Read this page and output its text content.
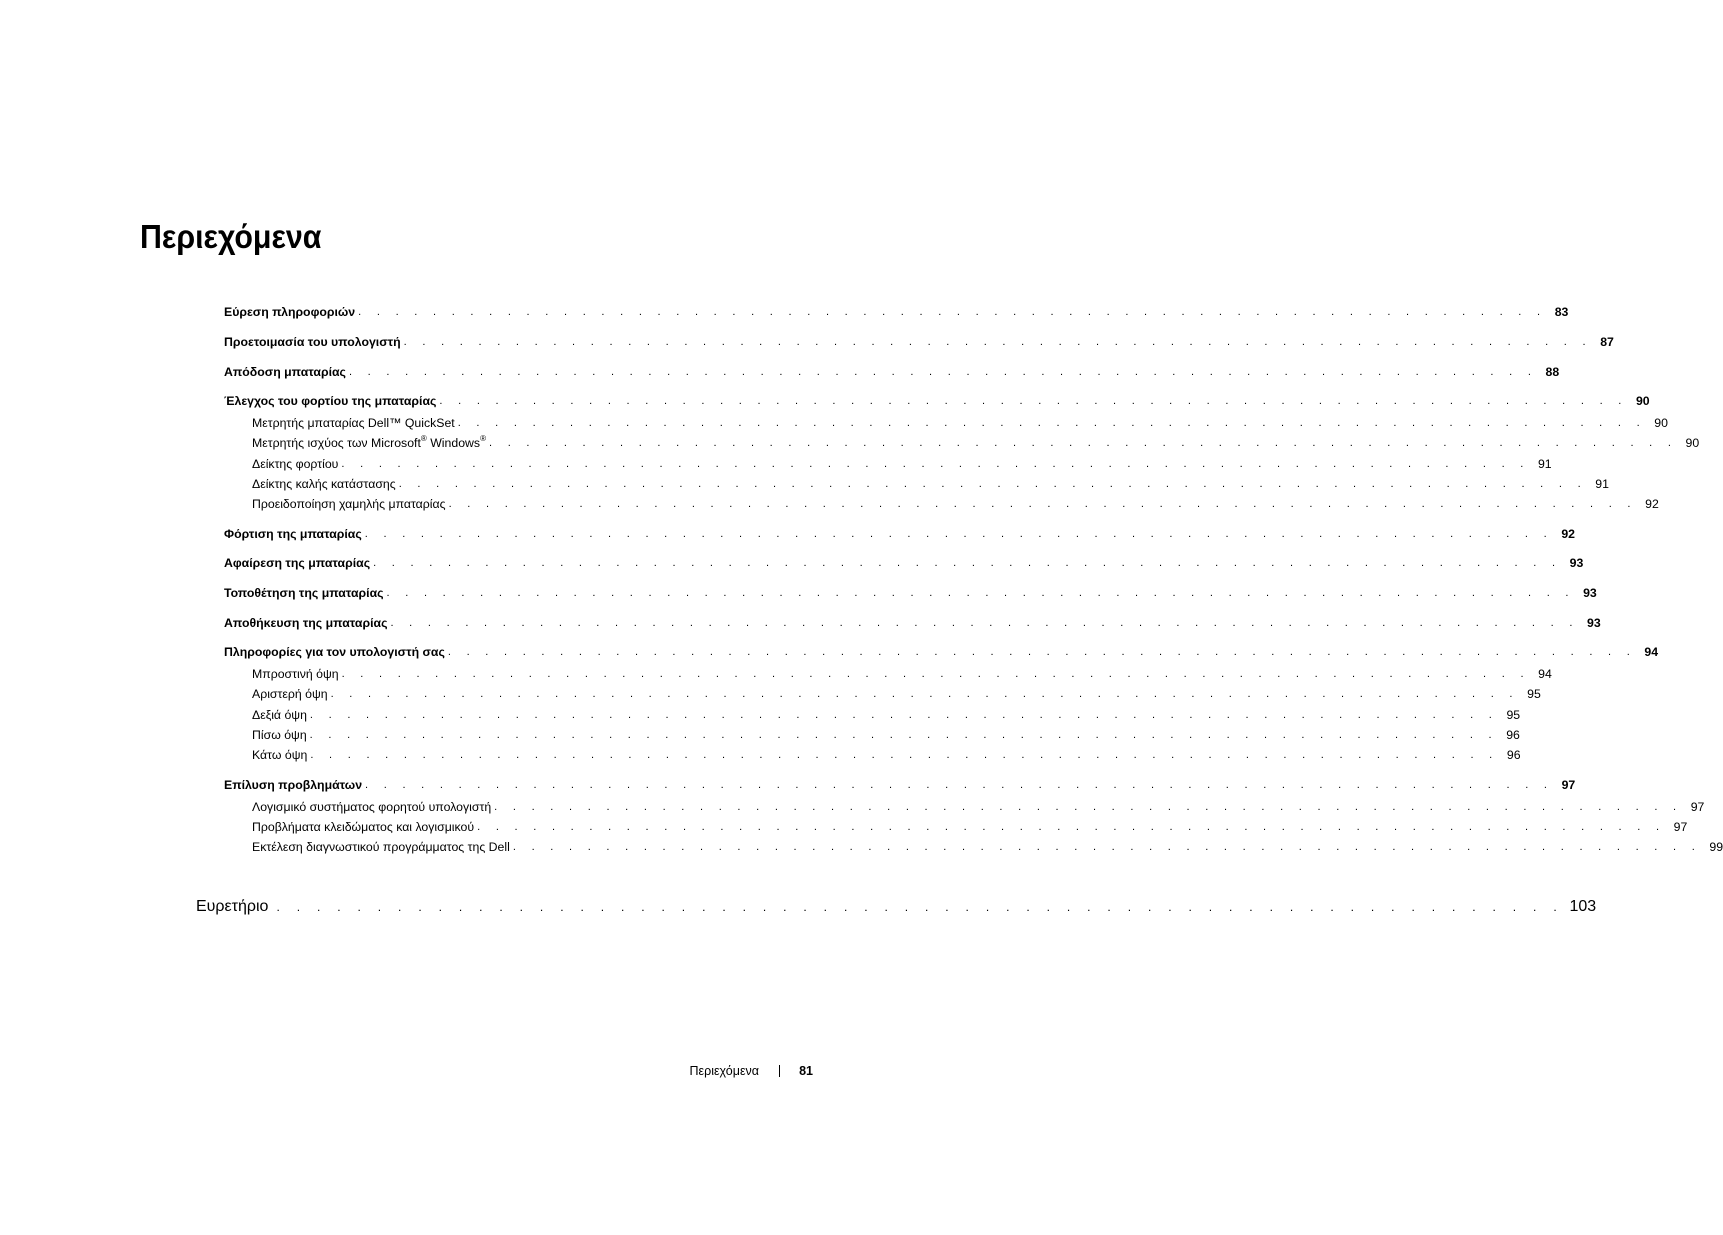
Περιεχόμενα
Εύρεση πληροφοριών . . . . . . . . . . . . . . . . . . . . . . . . . . . . . . . . . . . . . . . . . . . . . . . . . . . . . . . . . . . . . . . . 83
Προετοιμασία του υπολογιστή . . . . . . . . . . . . . . . . . . . . . . . . . . . . . . . . . . . . . . . . . . . . . . . . . . . . . . . . . . . . . . . . 87
Απόδοση μπαταρίας . . . . . . . . . . . . . . . . . . . . . . . . . . . . . . . . . . . . . . . . . . . . . . . . . . . . . . . . . . . . . . . . 88
Έλεγχος του φορτίου της μπαταρίας . . . . . . . . . . . . . . . . . . . . . . . . . . . . . . . . . . . . . . . . . . . . . . . . . . . . . . . . . . . . . . . . 90
Μετρητής μπαταρίας Dell™ QuickSet . . . . . . . . . . . . . . . . . . . . . . . . . . . . . . . . . . . . . . . . . . . . . . . . . . . . . . . . . . . . . . . . 90
Μετρητής ισχύος των Microsoft® Windows® . . . . . . . . . . . . . . . . . . . . . . . . . . . . . . . . . . . . . . . . . . . . . . . . . . . . . . . . . . . . . . . . 90
Δείκτης φορτίου . . . . . . . . . . . . . . . . . . . . . . . . . . . . . . . . . . . . . . . . . . . . . . . . . . . . . . . . . . . . . . . . 91
Δείκτης καλής κατάστασης . . . . . . . . . . . . . . . . . . . . . . . . . . . . . . . . . . . . . . . . . . . . . . . . . . . . . . . . . . . . . . . . 91
Προειδοποίηση χαμηλής μπαταρίας . . . . . . . . . . . . . . . . . . . . . . . . . . . . . . . . . . . . . . . . . . . . . . . . . . . . . . . . . . . . . . . . 92
Φόρτιση της μπαταρίας . . . . . . . . . . . . . . . . . . . . . . . . . . . . . . . . . . . . . . . . . . . . . . . . . . . . . . . . . . . . . . . . 92
Αφαίρεση της μπαταρίας . . . . . . . . . . . . . . . . . . . . . . . . . . . . . . . . . . . . . . . . . . . . . . . . . . . . . . . . . . . . . . . . 93
Τοποθέτηση της μπαταρίας . . . . . . . . . . . . . . . . . . . . . . . . . . . . . . . . . . . . . . . . . . . . . . . . . . . . . . . . . . . . . . . . 93
Αποθήκευση της μπαταρίας . . . . . . . . . . . . . . . . . . . . . . . . . . . . . . . . . . . . . . . . . . . . . . . . . . . . . . . . . . . . . . . . 93
Πληροφορίες για τον υπολογιστή σας . . . . . . . . . . . . . . . . . . . . . . . . . . . . . . . . . . . . . . . . . . . . . . . . . . . . . . . . . . . . . . . . 94
Μπροστινή όψη . . . . . . . . . . . . . . . . . . . . . . . . . . . . . . . . . . . . . . . . . . . . . . . . . . . . . . . . . . . . . . . . 94
Αριστερή όψη . . . . . . . . . . . . . . . . . . . . . . . . . . . . . . . . . . . . . . . . . . . . . . . . . . . . . . . . . . . . . . . . 95
Δεξιά όψη . . . . . . . . . . . . . . . . . . . . . . . . . . . . . . . . . . . . . . . . . . . . . . . . . . . . . . . . . . . . . . . . 95
Πίσω όψη . . . . . . . . . . . . . . . . . . . . . . . . . . . . . . . . . . . . . . . . . . . . . . . . . . . . . . . . . . . . . . . . 96
Κάτω όψη . . . . . . . . . . . . . . . . . . . . . . . . . . . . . . . . . . . . . . . . . . . . . . . . . . . . . . . . . . . . . . . . 96
Επίλυση προβλημάτων . . . . . . . . . . . . . . . . . . . . . . . . . . . . . . . . . . . . . . . . . . . . . . . . . . . . . . . . . . . . . . . . 97
Λογισμικό συστήματος φορητού υπολογιστή . . . . . . . . . . . . . . . . . . . . . . . . . . . . . . . . . . . . . . . . . . . . . . . . . . . . . . . . . . . . . . . . 97
Προβλήματα κλειδώματος και λογισμικού . . . . . . . . . . . . . . . . . . . . . . . . . . . . . . . . . . . . . . . . . . . . . . . . . . . . . . . . . . . . . . . . 97
Εκτέλεση διαγνωστικού προγράμματος της Dell . . . . . . . . . . . . . . . . . . . . . . . . . . . . . . . . . . . . . . . . . . . . . . . . . . . . . . . . . . . . . . . . 99
Ευρετήριο . . . . . . . . . . . . . . . . . . . . . . . . . . . . . . . . . . . . . . . . . . . . . . . . . . . . . . . . . . . . . . . . 103
Περιεχόμενα	81
